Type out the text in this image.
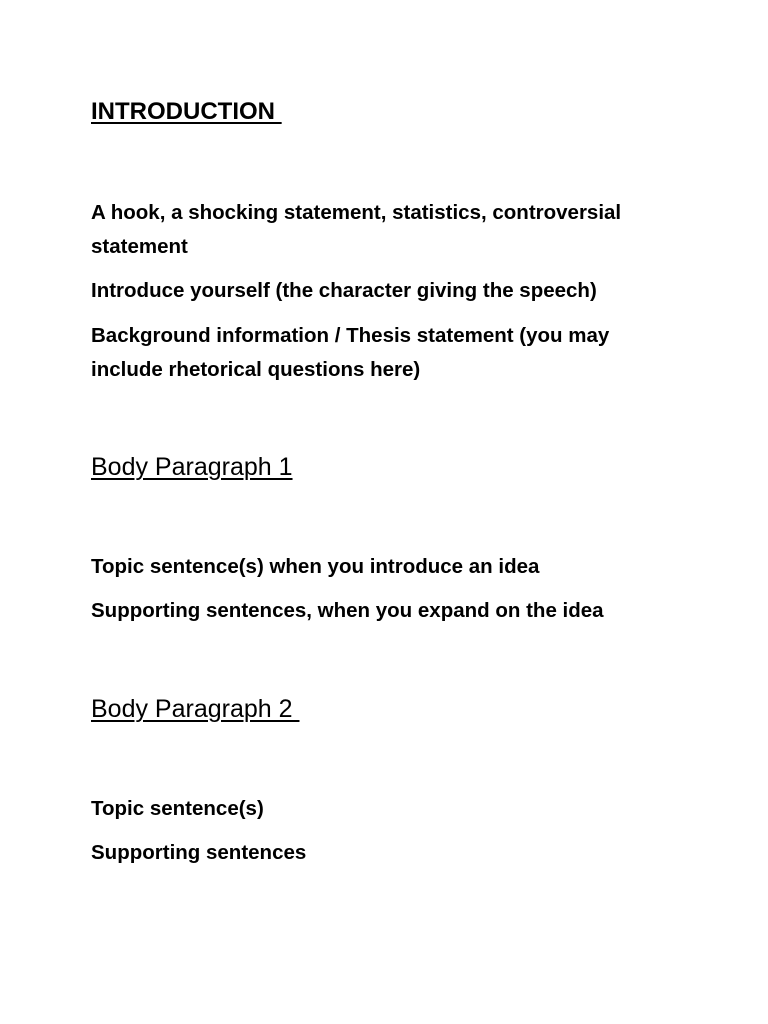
INTRODUCTION

A hook, a shocking statement, statistics, controversial statement

Introduce yourself (the character giving the speech)

Background information / Thesis statement (you may include rhetorical questions here)

Body Paragraph 1

Topic sentence(s) when you introduce an idea

Supporting sentences, when you expand on the idea

Body Paragraph 2

Topic sentence(s)

Supporting sentences
